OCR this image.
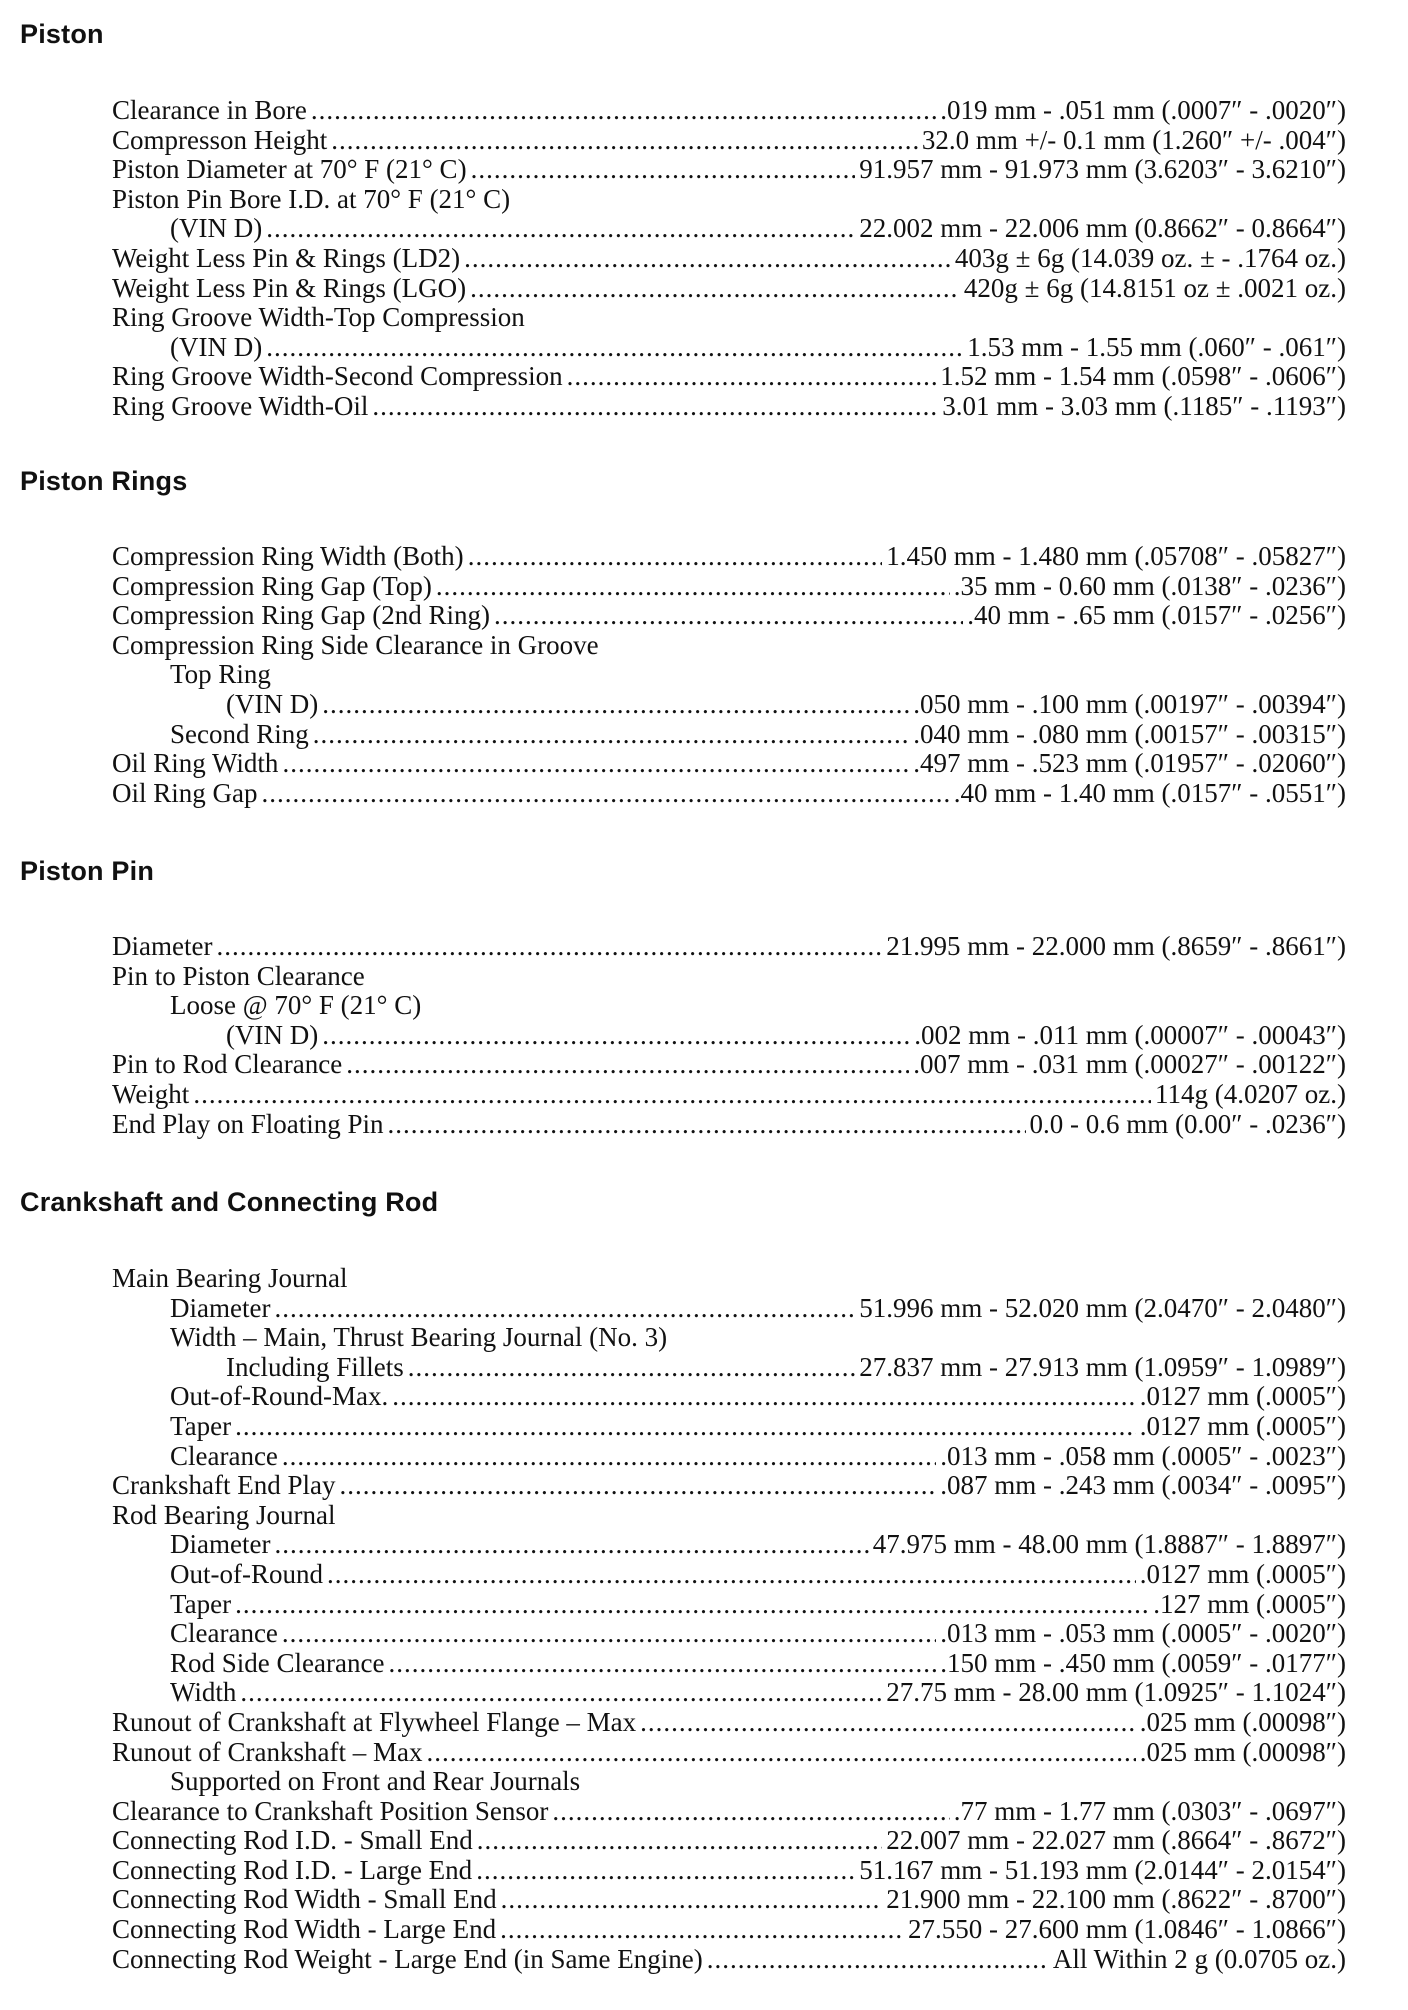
Piston
Clearance in Bore .....	.019 mm - .051 mm (.0007″ - .0020″)
Compresson Height .....	32.0 mm +/- 0.1 mm (1.260″ +/- .004″)
Piston Diameter at 70° F (21° C) .....	91.957 mm - 91.973 mm (3.6203″ - 3.6210″)
Piston Pin Bore I.D. at 70° F (21° C)
(VIN D) .....	22.002 mm - 22.006 mm (0.8662″ - 0.8664″)
Weight Less Pin & Rings (LD2) .....	403g ± 6g (14.039 oz. ± - .1764 oz.)
Weight Less Pin & Rings (LGO) .....	420g ± 6g (14.8151 oz ± .0021 oz.)
Ring Groove Width-Top Compression
(VIN D) .....	1.53 mm - 1.55 mm (.060″ - .061″)
Ring Groove Width-Second Compression .....	1.52 mm - 1.54 mm (.0598″ - .0606″)
Ring Groove Width-Oil .....	3.01 mm - 3.03 mm (.1185″ - .1193″)
Piston Rings
Compression Ring Width (Both) .....	1.450 mm - 1.480 mm (.05708″ - .05827″)
Compression Ring Gap (Top) .....	.35 mm - 0.60 mm (.0138″ - .0236″)
Compression Ring Gap (2nd Ring) .....	.40 mm - .65 mm (.0157″ - .0256″)
Compression Ring Side Clearance in Groove
Top Ring
(VIN D) .....	.050 mm - .100 mm (.00197″ - .00394″)
Second Ring .....	.040 mm - .080 mm (.00157″ - .00315″)
Oil Ring Width .....	.497 mm - .523 mm (.01957″ - .02060″)
Oil Ring Gap .....	.40 mm - 1.40 mm (.0157″ - .0551″)
Piston Pin
Diameter .....	21.995 mm - 22.000 mm (.8659″ - .8661″)
Pin to Piston Clearance
Loose @ 70° F (21° C)
(VIN D) .....	.002 mm - .011 mm (.00007″ - .00043″)
Pin to Rod Clearance .....	.007 mm - .031 mm (.00027″ - .00122″)
Weight .....	114g (4.0207 oz.)
End Play on Floating Pin .....	0.0 - 0.6 mm (0.00″ - .0236″)
Crankshaft and Connecting Rod
Main Bearing Journal
Diameter .....	51.996 mm - 52.020 mm (2.0470″ - 2.0480″)
Width – Main, Thrust Bearing Journal (No. 3)
Including Fillets .....	27.837 mm - 27.913 mm (1.0959″ - 1.0989″)
Out-of-Round-Max. .....	.0127 mm (.0005″)
Taper .....	.0127 mm (.0005″)
Clearance .....	.013 mm - .058 mm (.0005″ - .0023″)
Crankshaft End Play .....	.087 mm - .243 mm (.0034″ - .0095″)
Rod Bearing Journal
Diameter .....	47.975 mm - 48.00 mm (1.8887″ - 1.8897″)
Out-of-Round .....	.0127 mm (.0005″)
Taper .....	.127 mm (.0005″)
Clearance .....	.013 mm - .053 mm (.0005″ - .0020″)
Rod Side Clearance .....	.150 mm - .450 mm (.0059″ - .0177″)
Width .....	27.75 mm - 28.00 mm (1.0925″ - 1.1024″)
Runout of Crankshaft at Flywheel Flange – Max .....	.025 mm (.00098″)
Runout of Crankshaft – Max .....	.025 mm (.00098″)
Supported on Front and Rear Journals
Clearance to Crankshaft Position Sensor .....	.77 mm - 1.77 mm (.0303″ - .0697″)
Connecting Rod I.D. - Small End .....	22.007 mm - 22.027 mm (.8664″ - .8672″)
Connecting Rod I.D. - Large End .....	51.167 mm - 51.193 mm (2.0144″ - 2.0154″)
Connecting Rod Width - Small End .....	21.900 mm - 22.100 mm (.8622″ - .8700″)
Connecting Rod Width - Large End .....	27.550 - 27.600 mm (1.0846″ - 1.0866″)
Connecting Rod Weight - Large End (in Same Engine) .....	All Within 2 g (0.0705 oz.)
